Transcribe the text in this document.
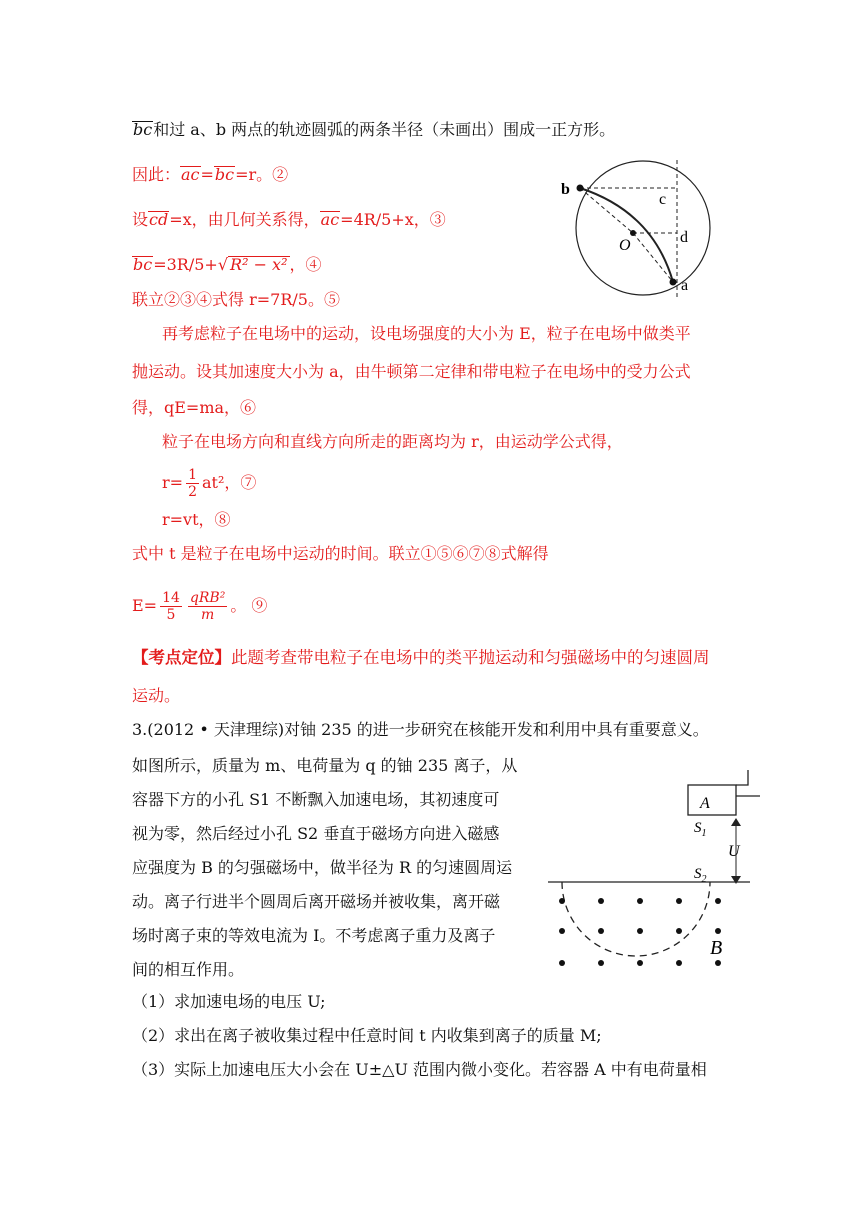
bc和过 a、b 两点的轨迹圆弧的两条半径（未画出）围成一正方形。
因此：ac=bc=r。②
设cd=x，由几何关系得，ac=4R/5+x，③
bc=3R/5+√ R² − x² ，④
联立②③④式得 r=7R/5。⑤
b
c
d
O
a
再考虑粒子在电场中的运动，设电场强度的大小为 E，粒子在电场中做类平
抛运动。设其加速度大小为 a，由牛顿第二定律和带电粒子在电场中的受力公式
得，qE=ma，⑥
粒子在电场方向和直线方向所走的距离均为 r，由运动学公式得，
$r= \frac{1}{2} at^2$，⑦
r=vt，⑧
式中 t 是粒子在电场中运动的时间。联立①⑤⑥⑦⑧式解得
$E= \frac{14}{5} \frac{\text{qRB²}}{m}$ 。 ⑨
【考点定位】此题考查带电粒子在电场中的类平抛运动和匀强磁场中的匀速圆周
运动。
3.(2012 • 天津理综)对铀 235 的进一步研究在核能开发和利用中具有重要意义。
如图所示，质量为 m、电荷量为 q 的铀 235 离子，从
容器下方的小孔 S1 不断飘入加速电场，其初速度可
视为零，然后经过小孔 S2 垂直于磁场方向进入磁感
应强度为 B 的匀强磁场中，做半径为 R 的匀速圆周运
动。离子行进半个圆周后离开磁场并被收集，离开磁
场时离子束的等效电流为 I。不考虑离子重力及离子
间的相互作用。
A
$S_1$
U
$S_2$
B
（1）求加速电场的电压 U;
（2）求出在离子被收集过程中任意时间 t 内收集到离子的质量 M;
（3）实际上加速电压大小会在 U±△U 范围内微小变化。若容器 A 中有电荷量相
